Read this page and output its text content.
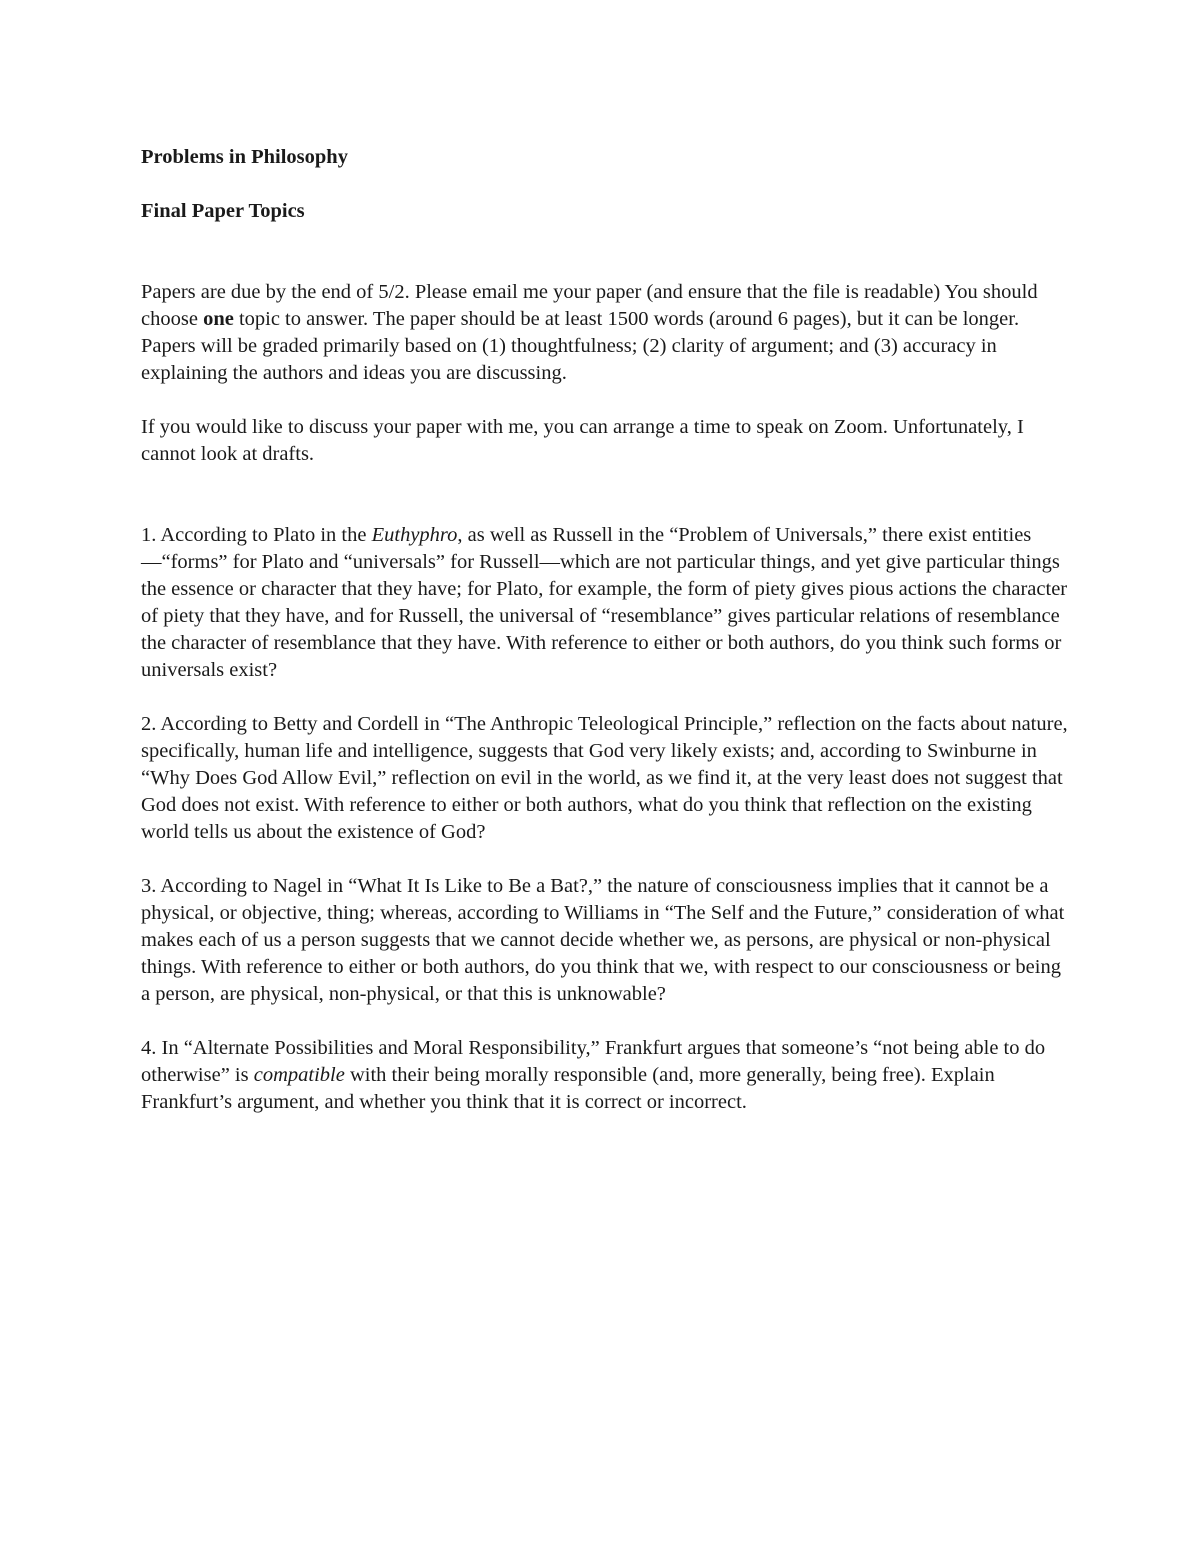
Problems in Philosophy
Final Paper Topics

Papers are due by the end of 5/2. Please email me your paper (and ensure that the file is readable) You should choose one topic to answer. The paper should be at least 1500 words (around 6 pages), but it can be longer. Papers will be graded primarily based on (1) thoughtfulness; (2) clarity of argument; and (3) accuracy in explaining the authors and ideas you are discussing.

If you would like to discuss your paper with me, you can arrange a time to speak on Zoom. Unfortunately, I cannot look at drafts.

1. According to Plato in the Euthyphro, as well as Russell in the “Problem of Universals,” there exist entities—“forms” for Plato and “universals” for Russell—which are not particular things, and yet give particular things the essence or character that they have; for Plato, for example, the form of piety gives pious actions the character of piety that they have, and for Russell, the universal of “resemblance” gives particular relations of resemblance the character of resemblance that they have. With reference to either or both authors, do you think such forms or universals exist?

2. According to Betty and Cordell in “The Anthropic Teleological Principle,” reflection on the facts about nature, specifically, human life and intelligence, suggests that God very likely exists; and, according to Swinburne in “Why Does God Allow Evil,” reflection on evil in the world, as we find it, at the very least does not suggest that God does not exist. With reference to either or both authors, what do you think that reflection on the existing world tells us about the existence of God?

3. According to Nagel in “What It Is Like to Be a Bat?,” the nature of consciousness implies that it cannot be a physical, or objective, thing; whereas, according to Williams in “The Self and the Future,” consideration of what makes each of us a person suggests that we cannot decide whether we, as persons, are physical or non-physical things. With reference to either or both authors, do you think that we, with respect to our consciousness or being a person, are physical, non-physical, or that this is unknowable?

4. In “Alternate Possibilities and Moral Responsibility,” Frankfurt argues that someone’s “not being able to do otherwise” is compatible with their being morally responsible (and, more generally, being free). Explain Frankfurt’s argument, and whether you think that it is correct or incorrect.
